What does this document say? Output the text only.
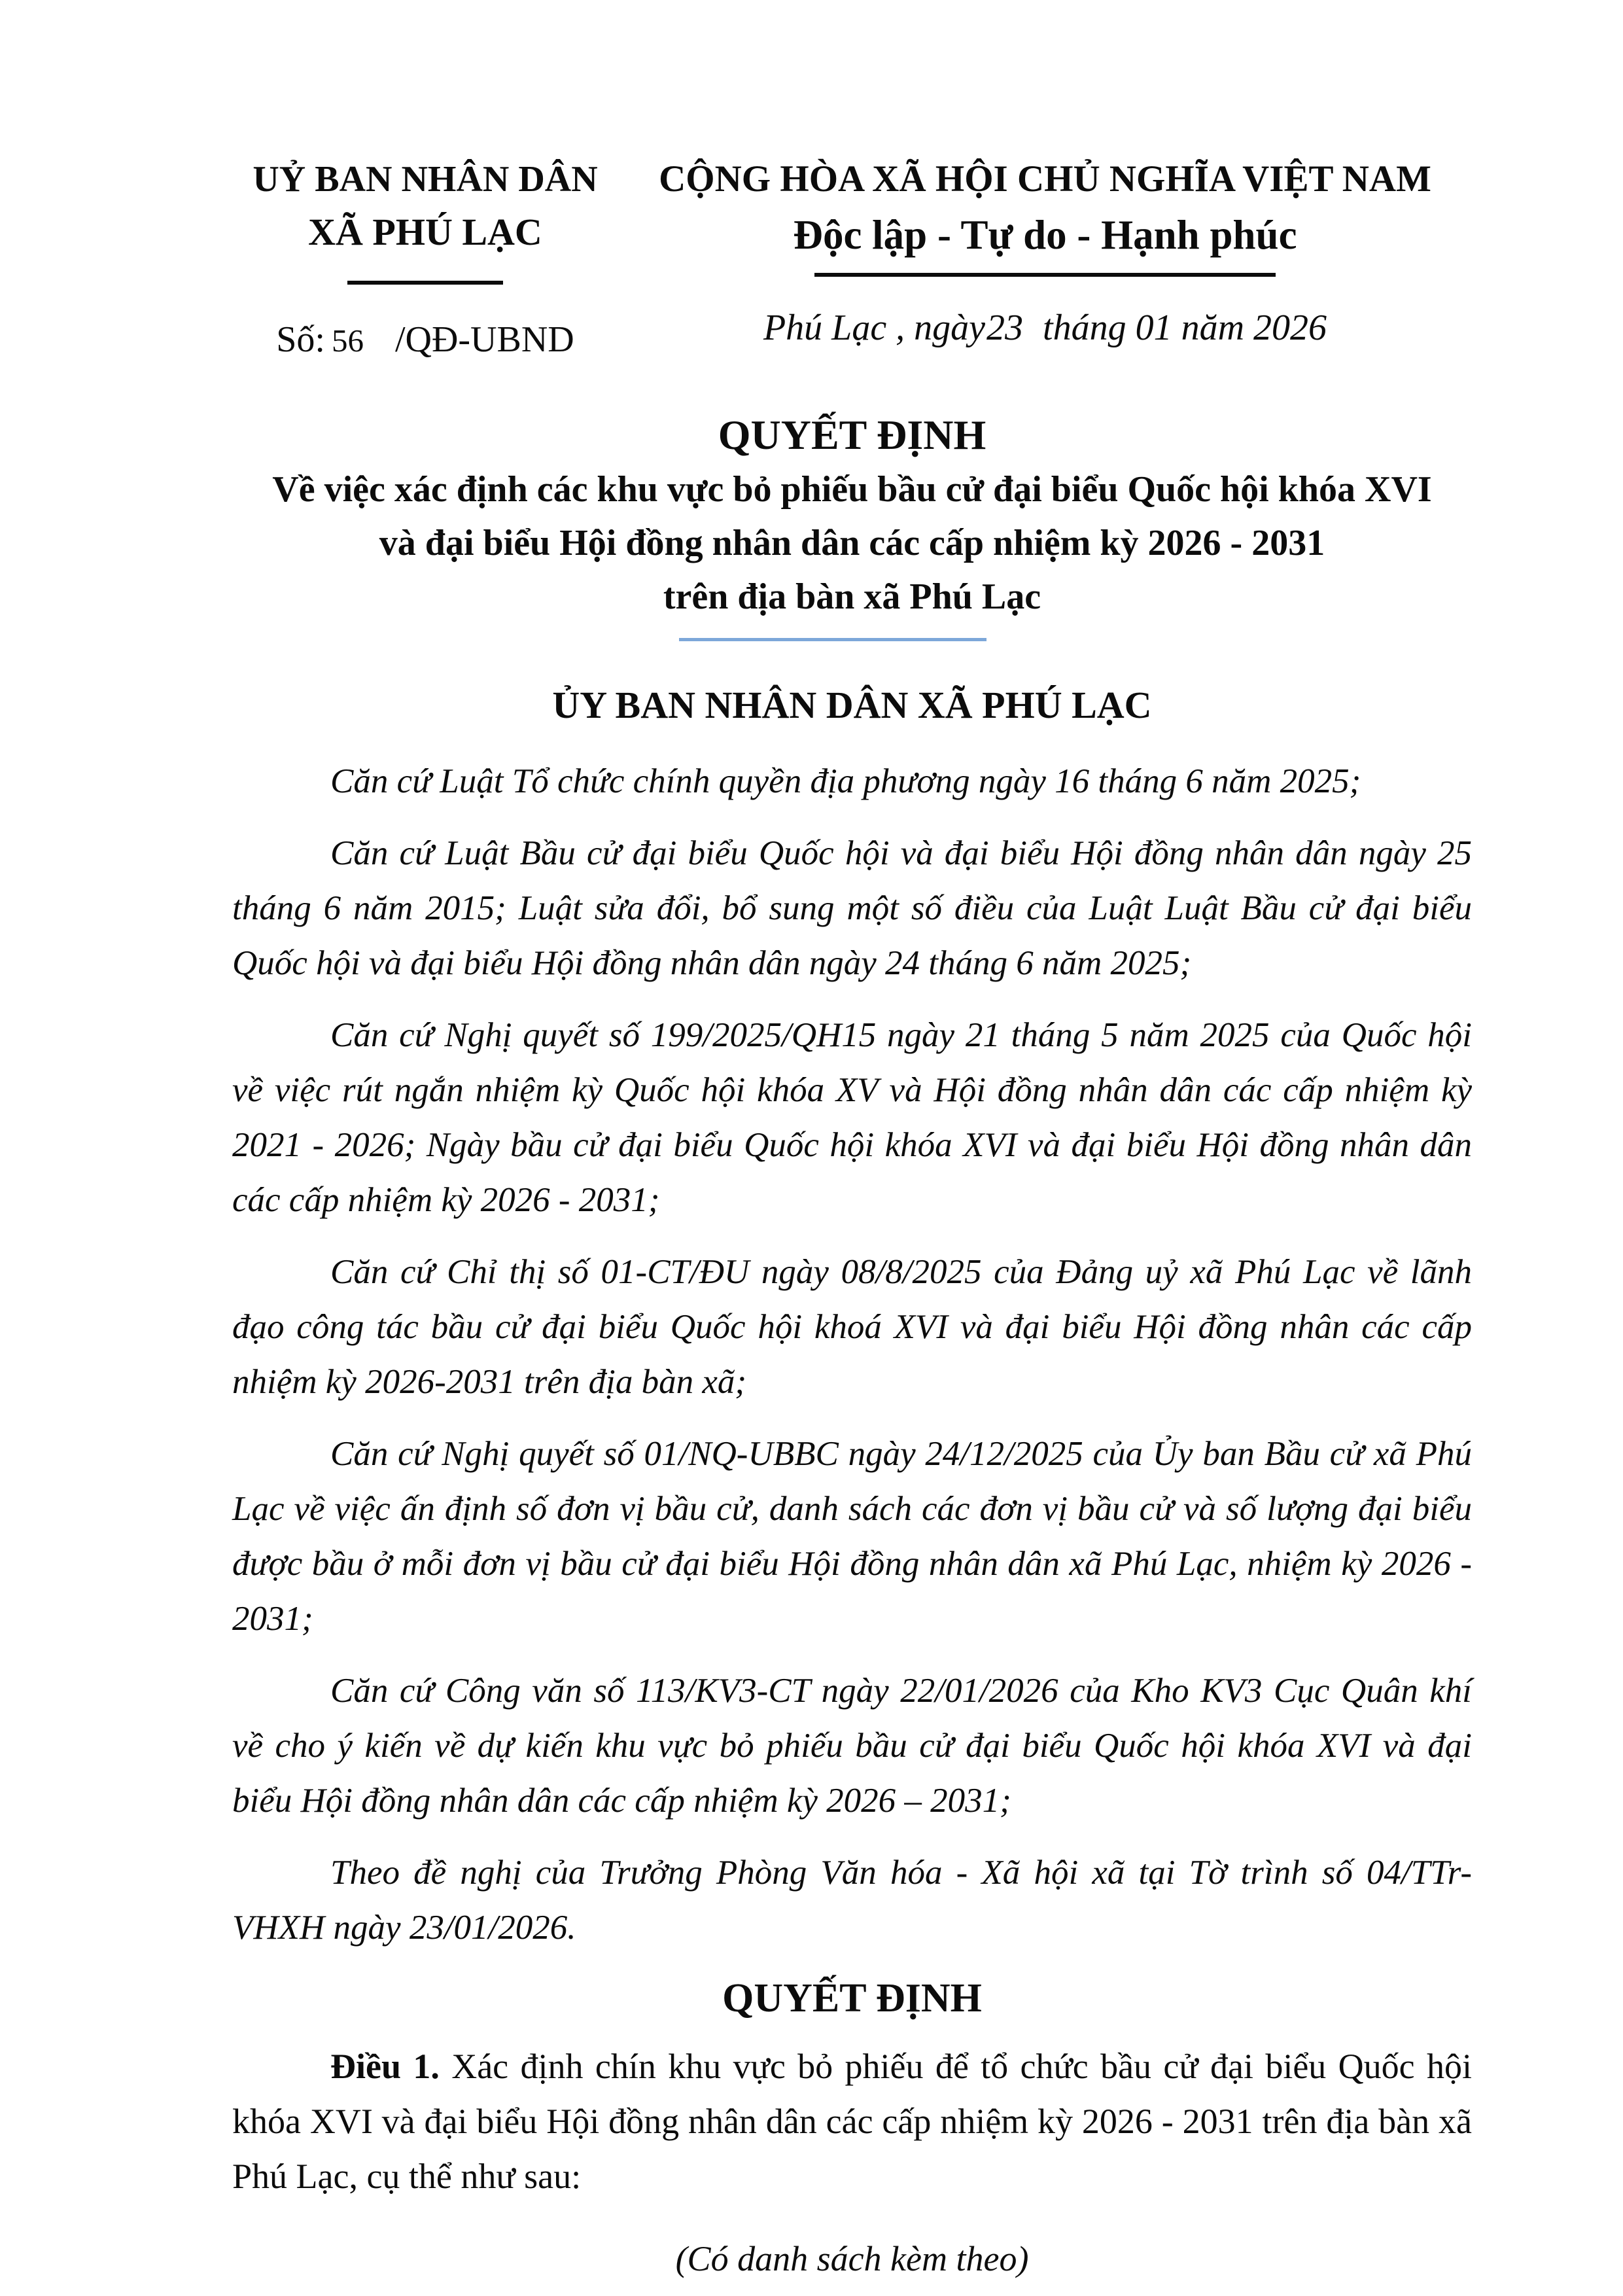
UỶ BAN NHÂN DÂN
XÃ PHÚ LẠC
Số: 56 /QĐ-UBND
CỘNG HÒA XÃ HỘI CHỦ NGHĨA VIỆT NAM
Độc lập - Tự do - Hạnh phúc
Phú Lạc , ngày23 tháng 01 năm 2026
QUYẾT ĐỊNH
Về việc xác định các khu vực bỏ phiếu bầu cử đại biểu Quốc hội khóa XVI
và đại biểu Hội đồng nhân dân các cấp nhiệm kỳ 2026 - 2031
trên địa bàn xã Phú Lạc
ỦY BAN NHÂN DÂN XÃ PHÚ LẠC

Căn cứ Luật Tổ chức chính quyền địa phương ngày 16 tháng 6 năm 2025;

Căn cứ Luật Bầu cử đại biểu Quốc hội và đại biểu Hội đồng nhân dân ngày 25 tháng 6 năm 2015; Luật sửa đổi, bổ sung một số điều của Luật Luật Bầu cử đại biểu Quốc hội và đại biểu Hội đồng nhân dân ngày 24 tháng 6 năm 2025;

Căn cứ Nghị quyết số 199/2025/QH15 ngày 21 tháng 5 năm 2025 của Quốc hội về việc rút ngắn nhiệm kỳ Quốc hội khóa XV và Hội đồng nhân dân các cấp nhiệm kỳ 2021 - 2026; Ngày bầu cử đại biểu Quốc hội khóa XVI và đại biểu Hội đồng nhân dân các cấp nhiệm kỳ 2026 - 2031;

Căn cứ Chỉ thị số 01-CT/ĐU ngày 08/8/2025 của Đảng uỷ xã Phú Lạc về lãnh đạo công tác bầu cử đại biểu Quốc hội khoá XVI và đại biểu Hội đồng nhân các cấp nhiệm kỳ 2026-2031 trên địa bàn xã;

Căn cứ Nghị quyết số 01/NQ-UBBC ngày 24/12/2025 của Ủy ban Bầu cử xã Phú Lạc về việc ấn định số đơn vị bầu cử, danh sách các đơn vị bầu cử và số lượng đại biểu được bầu ở mỗi đơn vị bầu cử đại biểu Hội đồng nhân dân xã Phú Lạc, nhiệm kỳ 2026 - 2031;

Căn cứ Công văn số 113/KV3-CT ngày 22/01/2026 của Kho KV3 Cục Quân khí về cho ý kiến về dự kiến khu vực bỏ phiếu bầu cử đại biểu Quốc hội khóa XVI và đại biểu Hội đồng nhân dân các cấp nhiệm kỳ 2026 – 2031;

Theo đề nghị của Trưởng Phòng Văn hóa - Xã hội xã tại Tờ trình số 04/TTr-VHXH ngày 23/01/2026.

QUYẾT ĐỊNH

Điều 1. Xác định chín khu vực bỏ phiếu để tổ chức bầu cử đại biểu Quốc hội khóa XVI và đại biểu Hội đồng nhân dân các cấp nhiệm kỳ 2026 - 2031 trên địa bàn xã Phú Lạc, cụ thể như sau:

(Có danh sách kèm theo)
